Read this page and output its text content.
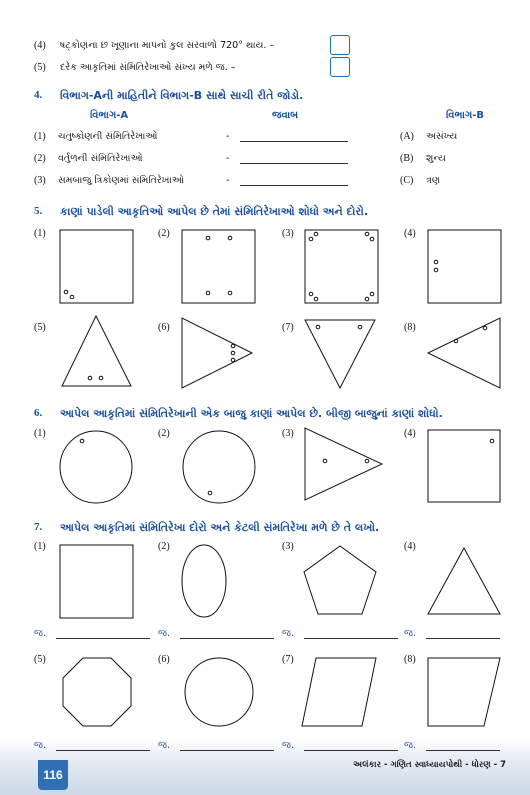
(4) ષટ્કોણના છ ખૂણાના માપનો કુલ સરવાળો 720° થાય. –
(5) દરેક આકૃતિમાં સંમિતિરેખાઓ સંખ્ય મળે જ. –
4. વિભાગ-Aની માહિતીને વિભાગ-B સાથે સાચી રીતે જોડો.
વિભાગ-A	જવાબ	વિભાગ-B
(1) ચતુષ્કોણની સંમિતિરેખાઓ	-	(A) અસંખ્ય
(2) વર્તુળની સંમિતિરેખાઓ	-	(B) શુન્ય
(3) સમબાજુ ત્રિકોણમાં સંમિતિરેખાઓ	-	(C) ત્રણ
5. કાણાં પાડેલી આકૃતિઓ આપેલ છે તેમાં સંમિતિરેખાઓ શોધો અને દોરો.
(1)	(2)	(3)	(4)
(5)	(6)	(7)	(8)
6. આપેલ આકૃતિમાં સંમિતિરેખાની એક બાજુ કાણાં આપેલ છે. બીજી બાજુનાં કાણાં શોધો.
(1)	(2)	(3)	(4)
7. આપેલ આકૃતિમાં સંમિતિરેખા દોરો અને કેટલી સંમતિરેખા મળે છે તે લખો.
(1)	(2)	(3)	(4)
જ.	જ.	જ.	જ.
(5)	(6)	(7)	(8)
જ.	જ.	જ.	જ.
116
અલંકાર - ગણિત સ્વાધ્યાયપોથી - ધોરણ - 7
